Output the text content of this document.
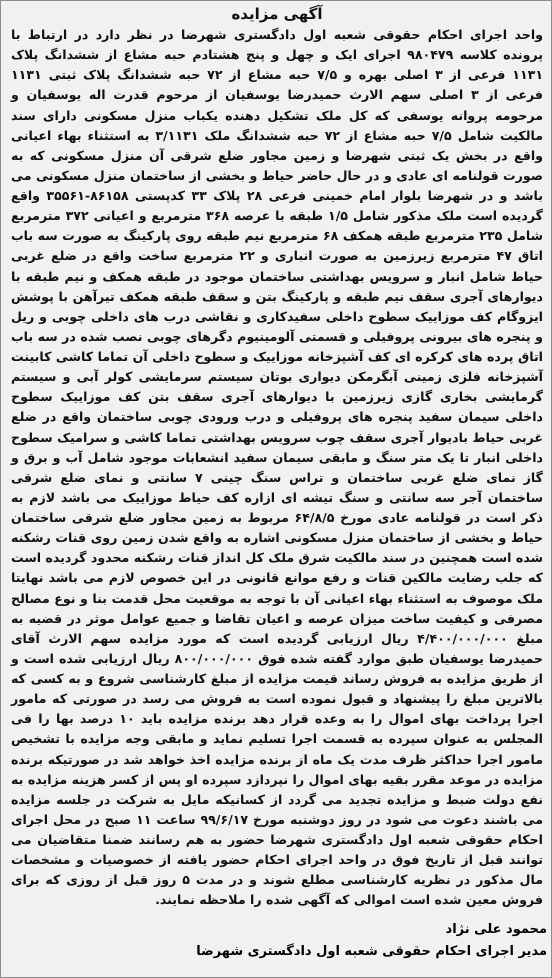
آگهی مزایده

واحد اجرای احکام حقوقی شعبه اول دادگستری شهرضا در نظر دارد در ارتباط با پرونده کلاسه ۹۸۰۴۷۹ اجرای ایک و چهل و پنج هشتادم حبه مشاع از ششدانگ پلاک ۱۱۳۱ فرعی از ۳ اصلی بهره و ۷/۵ حبه مشاع از ۷۲ حبه ششدانگ پلاک ثبتی ۱۱۳۱ فرعی از ۳ اصلی سهم الارث حمیدرضا یوسفیان از مرحوم قدرت اله یوسفیان و مرحومه پروانه یوسفی که کل ملک تشکیل دهنده یکباب منزل مسکونی دارای سند مالکیت شامل ۷/۵ حبه مشاع از ۷۲ حبه ششدانگ ملک ۳/۱۱۳۱ به استثناء بهاء اعیانی واقع در بخش یک ثبتی شهرضا و زمین مجاور ضلع شرقی آن منزل مسکونی که به صورت قولنامه ای عادی و در حال حاضر حیاط و بخشی از ساختمان منزل مسکونی می باشد و در شهرضا بلوار امام خمینی فرعی ۲۸ پلاک ۳۳ کدپستی ۸۶۱۵۸-۳۵۵۶۱ واقع گردیده است ملک مذکور شامل ۱/۵ طبقه با عرصه ۳۶۸ مترمربع و اعیانی ۳۷۲ مترمربع شامل ۲۳۵ مترمربع طبقه همکف ۶۸ مترمربع نیم طبقه روی پارکینگ به صورت سه باب اتاق ۴۷ مترمربع زیرزمین به صورت انباری و ۲۲ مترمربع ساخت واقع در ضلع غربی حیاط شامل انبار و سرویس بهداشتی ساختمان موجود در طبقه همکف و نیم طبقه با دیوارهای آجری سقف نیم طبقه و پارکینگ بتن و سقف طبقه همکف تیرآهن با پوشش ایزوگام کف موزاییک سطوح داخلی سفیدکاری و نقاشی درب های داخلی چوبی و ریل و پنجره های بیرونی پروفیلی و قسمتی آلومینیوم دگرهای چوبی نصب شده در سه باب اتاق پرده های کرکره ای کف آشپزخانه موزاییک و سطوح داخلی آن تماما کاشی کابینت آشپزخانه فلزی زمینی آبگرمکن دیواری بوتان سیستم سرمایشی کولر آبی و سیستم گرمایشی بخاری گازی زیرزمین با دیوارهای آجری سقف بتن کف موزاییک سطوح داخلی سیمان سفید پنجره های پروفیلی و درب ورودی چوبی ساختمان واقع در ضلع غربی حیاط بادیوار آجری سقف چوب سرویس بهداشتی تماما کاشی و سرامیک سطوح داخلی انبار تا یک متر سنگ و مابقی سیمان سفید انشعابات موجود شامل آب و برق و گاز نمای ضلع غربی ساختمان و تراس سنگ چینی ۷ سانتی و نمای ضلع شرقی ساختمان آجر سه سانتی و سنگ تیشه ای ازاره کف حیاط موزاییک می باشد لازم به ذکر است در قولنامه عادی مورخ ۶۴/۸/۵ مربوط به زمین مجاور ضلع شرقی ساختمان حیاط و بخشی از ساختمان منزل مسکونی اشاره به واقع شدن زمین روی قنات رشکنه شده است همچنین در سند مالکیت شرق ملک کل انداز قنات رشکنه محدود گردیده است که جلب رضایت مالکین قنات و رفع موانع قانونی در این خصوص لازم می باشد نهایتا ملک موصوف به استثناء بهاء اعیانی آن با توجه به موقعیت محل قدمت بنا و نوع مصالح مصرفی و کیفیت ساخت میزان عرصه و اعیان تقاضا و جمیع عوامل موثر در قضیه به مبلغ ۴/۴۰۰/۰۰۰/۰۰۰ ریال ارزیابی گردیده است که مورد مزایده سهم الارث آقای حمیدرضا یوسفیان طبق موارد گفته شده فوق ۸۰۰/۰۰۰/۰۰۰ ریال ارزیابی شده است و از طریق مزایده به فروش رساند قیمت مزایده از مبلغ کارشناسی شروع و به کسی که بالاترین مبلغ را پیشنهاد و قبول نموده است به فروش می رسد در صورتی که مامور اجرا پرداخت بهای اموال را به وعده قرار دهد برنده مزایده باید ۱۰ درصد بها را فی المجلس به عنوان سپرده به قسمت اجرا تسلیم نماید و مابقی وجه مزایده با تشخیص مامور اجرا حداکثر ظرف مدت یک ماه از برنده مزایده اخذ خواهد شد در صورتیکه برنده مزایده در موعد مقرر بقیه بهای اموال را نپردازد سپرده او پس از کسر هزینه مزایده به نفع دولت ضبط و مزایده تجدید می گردد از کسانیکه مایل به شرکت در جلسه مزایده می باشند دعوت می شود در روز دوشنبه مورخ ۹۹/۶/۱۷ ساعت ۱۱ صبح در محل اجرای احکام حقوقی شعبه اول دادگستری شهرضا حضور به هم رسانند ضمنا متقاضیان می توانند قبل از تاریخ فوق در واحد اجرای احکام حضور یافته از خصوصیات و مشخصات مال مذکور در نظریه کارشناسی مطلع شوند و در مدت ۵ روز قبل از روزی که برای فروش معین شده است اموالی که آگهی شده را ملاحظه نمایند.

محمود علی نژاد
مدیر اجرای احکام حقوقی شعبه اول دادگستری شهرضا
